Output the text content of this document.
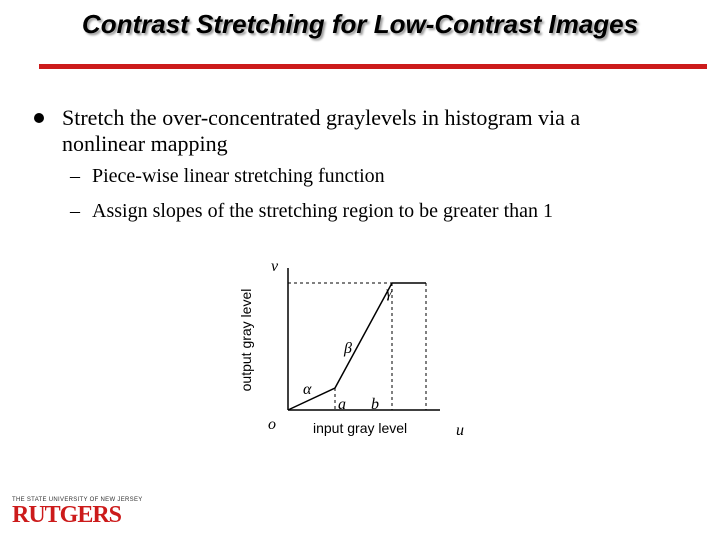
Contrast Stretching for Low-Contrast Images
Stretch the over-concentrated graylevels in histogram via a nonlinear mapping
– Piece-wise linear stretching function
– Assign slopes of the stretching region to be greater than 1
v
o	u
γ
β
α
a b
input gray level
output gray level
THE STATE UNIVERSITY OF NEW JERSEY
RUTGERS
